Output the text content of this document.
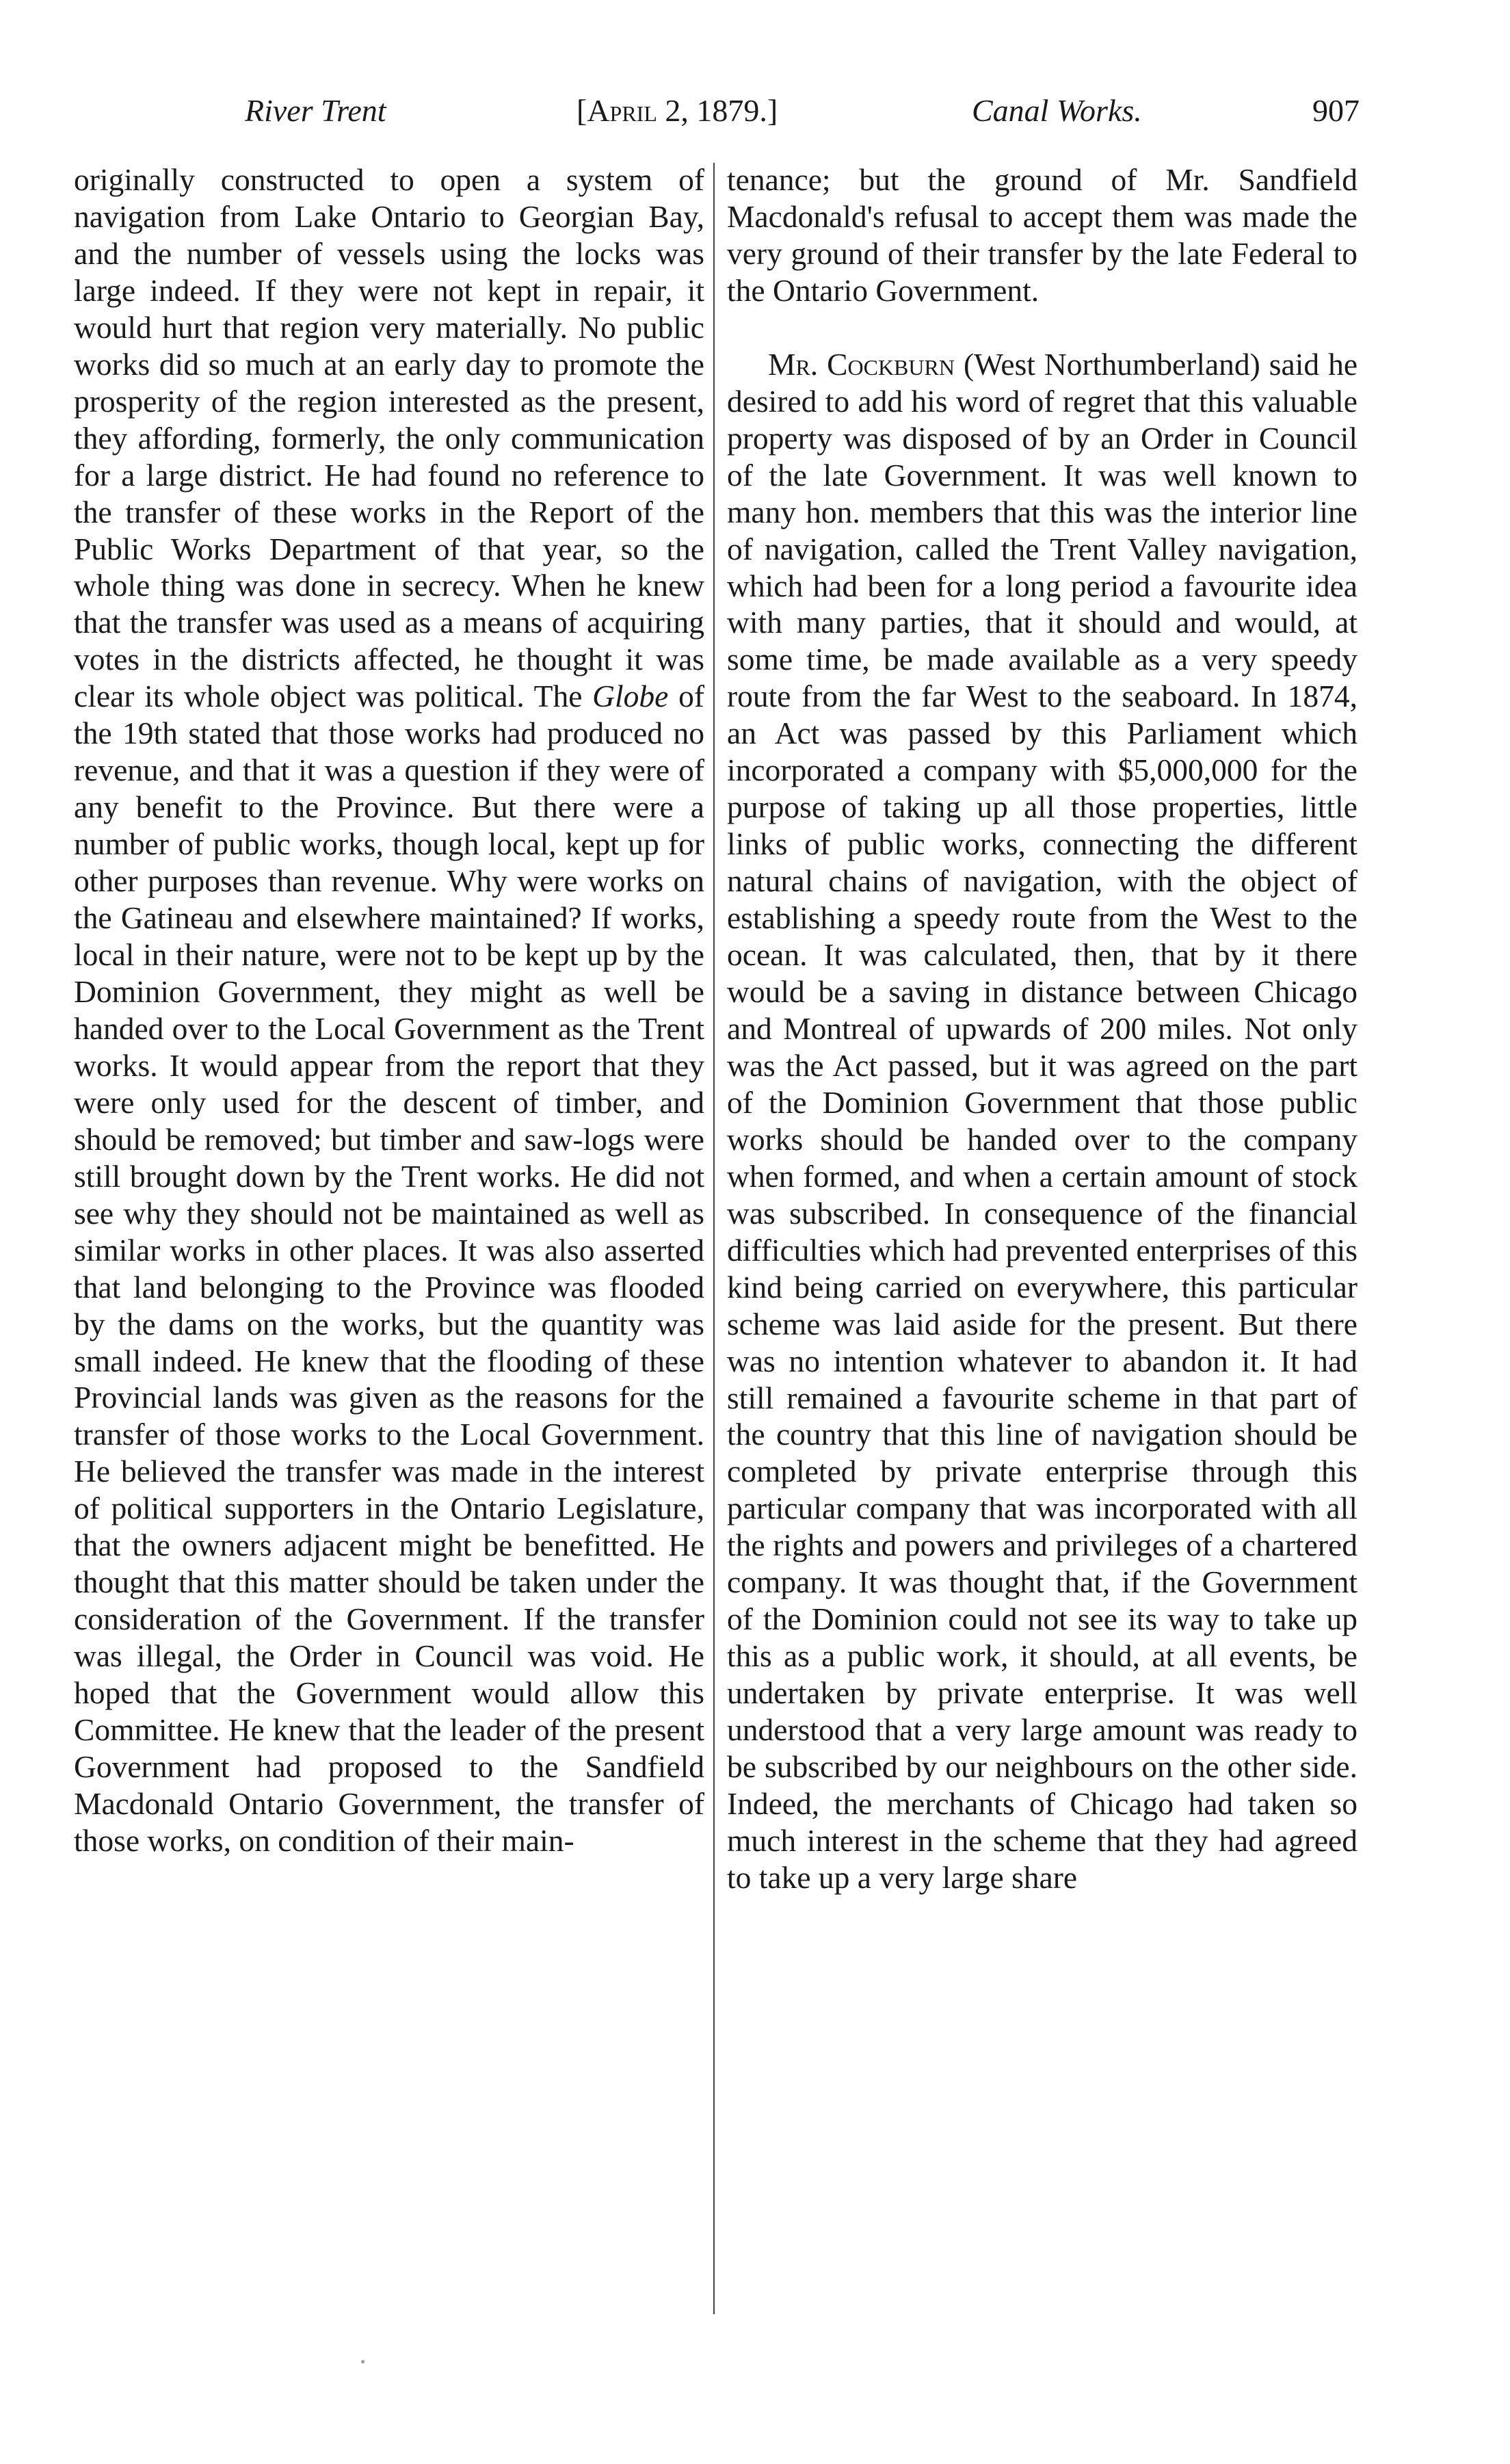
River Trent	[April 2, 1879.]	Canal Works.	907

originally constructed to open a system of navigation from Lake Ontario to Georgian Bay, and the number of vessels using the locks was large indeed. If they were not kept in repair, it would hurt that region very materially. No public works did so much at an early day to promote the prosperity of the region interested as the present, they affording, formerly, the only communication for a large district. He had found no reference to the transfer of these works in the Report of the Public Works Department of that year, so the whole thing was done in secrecy. When he knew that the transfer was used as a means of acquiring votes in the districts affected, he thought it was clear its whole object was political. The Globe of the 19th stated that those works had produced no revenue, and that it was a question if they were of any benefit to the Province. But there were a number of public works, though local, kept up for other purposes than revenue. Why were works on the Gatineau and elsewhere maintained? If works, local in their nature, were not to be kept up by the Dominion Government, they might as well be handed over to the Local Government as the Trent works. It would appear from the report that they were only used for the descent of timber, and should be removed; but timber and saw-logs were still brought down by the Trent works. He did not see why they should not be maintained as well as similar works in other places. It was also asserted that land belonging to the Province was flooded by the dams on the works, but the quantity was small indeed. He knew that the flooding of these Provincial lands was given as the reasons for the transfer of those works to the Local Government. He believed the transfer was made in the interest of political supporters in the Ontario Legislature, that the owners adjacent might be benefitted. He thought that this matter should be taken under the consideration of the Government. If the transfer was illegal, the Order in Council was void. He hoped that the Government would allow this Committee. He knew that the leader of the present Government had proposed to the Sandfield Macdonald Ontario Government, the transfer of those works, on condition of their main-

tenance; but the ground of Mr. Sandfield Macdonald's refusal to accept them was made the very ground of their transfer by the late Federal to the Ontario Government.

Mr. Cockburn (West Northumberland) said he desired to add his word of regret that this valuable property was disposed of by an Order in Council of the late Government. It was well known to many hon. members that this was the interior line of navigation, called the Trent Valley navigation, which had been for a long period a favourite idea with many parties, that it should and would, at some time, be made available as a very speedy route from the far West to the seaboard. In 1874, an Act was passed by this Parliament which incorporated a company with $5,000,000 for the purpose of taking up all those properties, little links of public works, connecting the different natural chains of navigation, with the object of establishing a speedy route from the West to the ocean. It was calculated, then, that by it there would be a saving in distance between Chicago and Montreal of upwards of 200 miles. Not only was the Act passed, but it was agreed on the part of the Dominion Government that those public works should be handed over to the company when formed, and when a certain amount of stock was subscribed. In consequence of the financial difficulties which had prevented enterprises of this kind being carried on everywhere, this particular scheme was laid aside for the present. But there was no intention whatever to abandon it. It had still remained a favourite scheme in that part of the country that this line of navigation should be completed by private enterprise through this particular company that was incorporated with all the rights and powers and privileges of a chartered company. It was thought that, if the Government of the Dominion could not see its way to take up this as a public work, it should, at all events, be undertaken by private enterprise. It was well understood that a very large amount was ready to be subscribed by our neighbours on the other side. Indeed, the merchants of Chicago had taken so much interest in the scheme that they had agreed to take up a very large share
